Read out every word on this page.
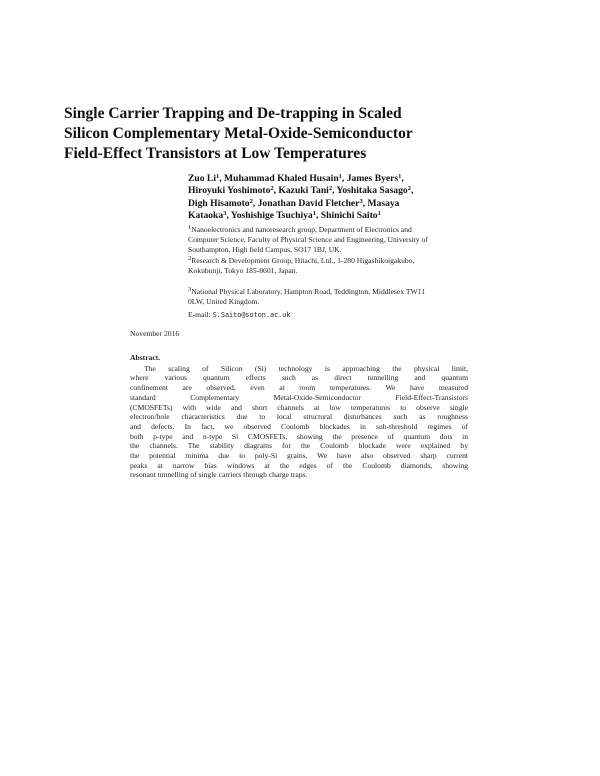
Single Carrier Trapping and De-trapping in Scaled
Silicon Complementary Metal-Oxide-Semiconductor
Field-Effect Transistors at Low Temperatures
Zuo Li$^1$, Muhammad Khaled Husain$^1$, James Byers$^1$,
Hiroyuki Yoshimoto$^2$, Kazuki Tani$^2$, Yoshitaka Sasago$^2$,
Digh Hisamoto$^2$, Jonathan David Fletcher$^3$, Masaya
Kataoka$^3$, Yoshishige Tsuchiya$^1$, Shinichi Saito$^1$
$^1$Nanoelectronics and nanoresearch group, Department of Electronics and
Computer Science, Faculty of Physical Science and Engineering, University of
Southampton, High field Campus, SO17 1BJ, UK.
$^2$Research & Development Group, Hitachi, Ltd., 1-280 Higashikoigakubo,
Kokubunji, Tokyo 185-8601, Japan.
$^3$National Physical Laboratory, Hampton Road, Teddington, Middlesex TW11
0LW, United Kingdom.
E-mail: S.Saito@soton.ac.uk
November 2016
Abstract.
The scaling of Silicon (Si) technology is approaching the physical limit,
where various quantum effects such as direct tunnelling and quantum
confinement are observed, even at room temperatures. We have measured
standard Complementary Metal-Oxide-Semiconductor Field-Effect-Transistors
(CMOSFETs) with wide and short channels at low temperatures to observe single
electron/hole characteristics due to local structural disturbances such as roughness
and defects. In fact, we observed Coulomb blockades in sub-threshold regimes of
both p-type and n-type Si CMOSFETs, showing the presence of quantum dots in
the channels. The stability diagrams for the Coulomb blockade were explained by
the potential minima due to poly-Si grains. We have also observed sharp current
peaks at narrow bias windows at the edges of the Coulomb diamonds, showing
resonant tunnelling of single carriers through charge traps.
